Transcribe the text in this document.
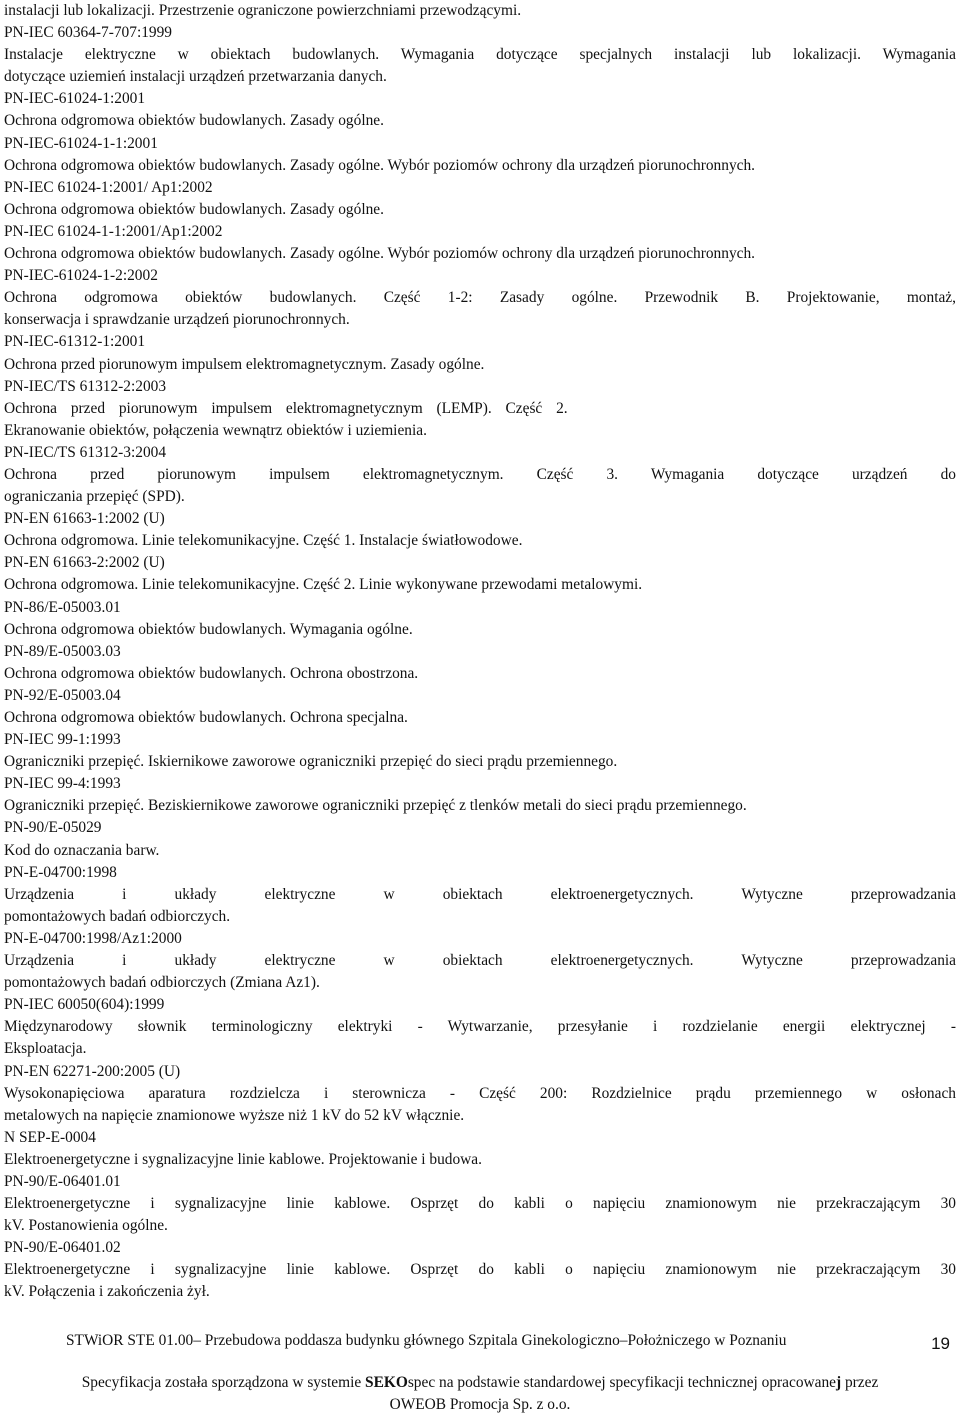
instalacji lub lokalizacji. Przestrzenie ograniczone powierzchniami przewodzącymi.

PN-IEC 60364-7-707:1999

Instalacje elektryczne w obiektach budowlanych. Wymagania dotyczące specjalnych instalacji lub lokalizacji. Wymagania

dotyczące uziemień instalacji urządzeń przetwarzania danych.

PN-IEC-61024-1:2001

Ochrona odgromowa obiektów budowlanych. Zasady ogólne.

PN-IEC-61024-1-1:2001

Ochrona odgromowa obiektów budowlanych. Zasady ogólne. Wybór poziomów ochrony dla urządzeń piorunochronnych.

PN-IEC 61024-1:2001/ Ap1:2002

Ochrona odgromowa obiektów budowlanych. Zasady ogólne.

PN-IEC 61024-1-1:2001/Ap1:2002

Ochrona odgromowa obiektów budowlanych. Zasady ogólne. Wybór poziomów ochrony dla urządzeń piorunochronnych.

PN-IEC-61024-1-2:2002

Ochrona odgromowa obiektów budowlanych. Część 1-2: Zasady ogólne. Przewodnik B. Projektowanie, montaż,

konserwacja i sprawdzanie urządzeń piorunochronnych.

PN-IEC-61312-1:2001

Ochrona przed piorunowym impulsem elektromagnetycznym. Zasady ogólne.

PN-IEC/TS 61312-2:2003

Ochrona przed piorunowym impulsem elektromagnetycznym (LEMP). Część 2.

Ekranowanie obiektów, połączenia wewnątrz obiektów i uziemienia.

PN-IEC/TS 61312-3:2004

Ochrona przed piorunowym impulsem elektromagnetycznym. Część 3. Wymagania dotyczące urządzeń do

ograniczania przepięć (SPD).

PN-EN 61663-1:2002 (U)

Ochrona odgromowa. Linie telekomunikacyjne. Część 1. Instalacje światłowodowe.

PN-EN 61663-2:2002 (U)

Ochrona odgromowa. Linie telekomunikacyjne. Część 2. Linie wykonywane przewodami metalowymi.

PN-86/E-05003.01

Ochrona odgromowa obiektów budowlanych. Wymagania ogólne.

PN-89/E-05003.03

Ochrona odgromowa obiektów budowlanych. Ochrona obostrzona.

PN-92/E-05003.04

Ochrona odgromowa obiektów budowlanych. Ochrona specjalna.

PN-IEC 99-1:1993

Ograniczniki przepięć. Iskiernikowe zaworowe ograniczniki przepięć do sieci prądu przemiennego.

PN-IEC 99-4:1993

Ograniczniki przepięć. Beziskiernikowe zaworowe ograniczniki przepięć z tlenków metali do sieci prądu przemiennego.

PN-90/E-05029

Kod do oznaczania barw.

PN-E-04700:1998

Urządzenia i układy elektryczne w obiektach elektroenergetycznych. Wytyczne przeprowadzania

pomontażowych badań odbiorczych.

PN-E-04700:1998/Az1:2000

Urządzenia i układy elektryczne w obiektach elektroenergetycznych. Wytyczne przeprowadzania

pomontażowych badań odbiorczych (Zmiana Az1).

PN-IEC 60050(604):1999

Międzynarodowy słownik terminologiczny elektryki - Wytwarzanie, przesyłanie i rozdzielanie energii elektrycznej -

Eksploatacja.

PN-EN 62271-200:2005 (U)

Wysokonapięciowa aparatura rozdzielcza i sterownicza - Część 200: Rozdzielnice prądu przemiennego w osłonach

metalowych na napięcie znamionowe wyższe niż 1 kV do 52 kV włącznie.

N SEP-E-0004

Elektroenergetyczne i sygnalizacyjne linie kablowe. Projektowanie i budowa.

PN-90/E-06401.01

Elektroenergetyczne i sygnalizacyjne linie kablowe. Osprzęt do kabli o napięciu znamionowym nie przekraczającym 30

kV. Postanowienia ogólne.

PN-90/E-06401.02

Elektroenergetyczne i sygnalizacyjne linie kablowe. Osprzęt do kabli o napięciu znamionowym nie przekraczającym 30

kV. Połączenia i zakończenia żył.

STWiOR STE 01.00– Przebudowa poddasza budynku głównego Szpitala Ginekologiczno–Położniczego w Poznaniu	19
Specyfikacja została sporządzona w systemie SEKOspec na podstawie standardowej specyfikacji technicznej opracowanej przez
OWEOB Promocja Sp. z o.o.
